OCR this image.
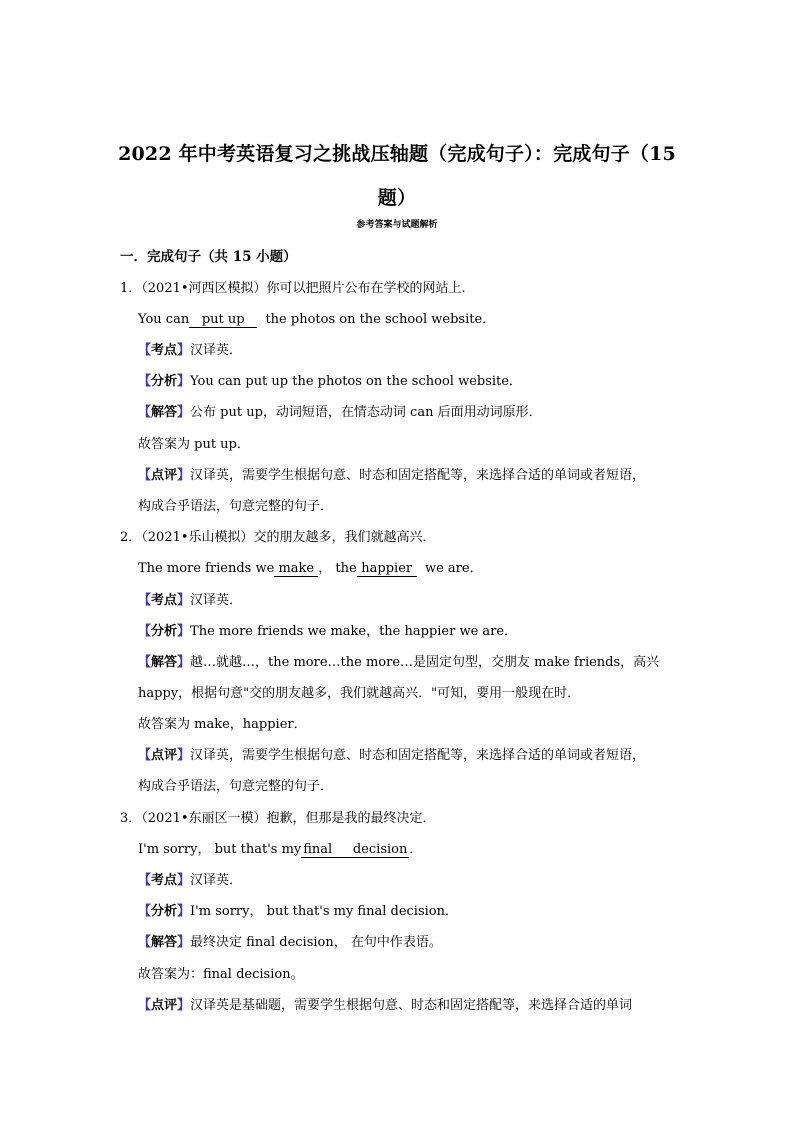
2022 年中考英语复习之挑战压轴题（完成句子）：完成句子（15
题）
参考答案与试题解析
一．完成句子（共 15 小题）
1．（2021•河西区模拟）你可以把照片公布在学校的网站上．
You can put up the photos on the school website．
【考点】汉译英．
【分析】You can put up the photos on the school website．
【解答】公布 put up，动词短语，在情态动词 can 后面用动词原形．
故答案为 put up．
【点评】汉译英，需要学生根据句意、时态和固定搭配等，来选择合适的单词或者短语，
构成合乎语法，句意完整的句子．
2．（2021•乐山模拟）交的朋友越多，我们就越高兴．
The more friends we make ， the happier we are．
【考点】汉译英．
【分析】The more friends we make，the happier we are．
【解答】越…就越…，the more…the more…是固定句型，交朋友 make friends，高兴
happy，根据句意"交的朋友越多，我们就越高兴．"可知，要用一般现在时．
故答案为 make，happier．
【点评】汉译英，需要学生根据句意、时态和固定搭配等，来选择合适的单词或者短语，
构成合乎语法，句意完整的句子．
3．（2021•东丽区一模）抱歉，但那是我的最终决定．
I'm sorry， but that's my final     decision ．
【考点】汉译英．
【分析】I'm sorry， but that's my final decision．
【解答】最终决定 final decision， 在句中作表语。
故答案为：final decision。
【点评】汉译英是基础题，需要学生根据句意、时态和固定搭配等，来选择合适的单词
